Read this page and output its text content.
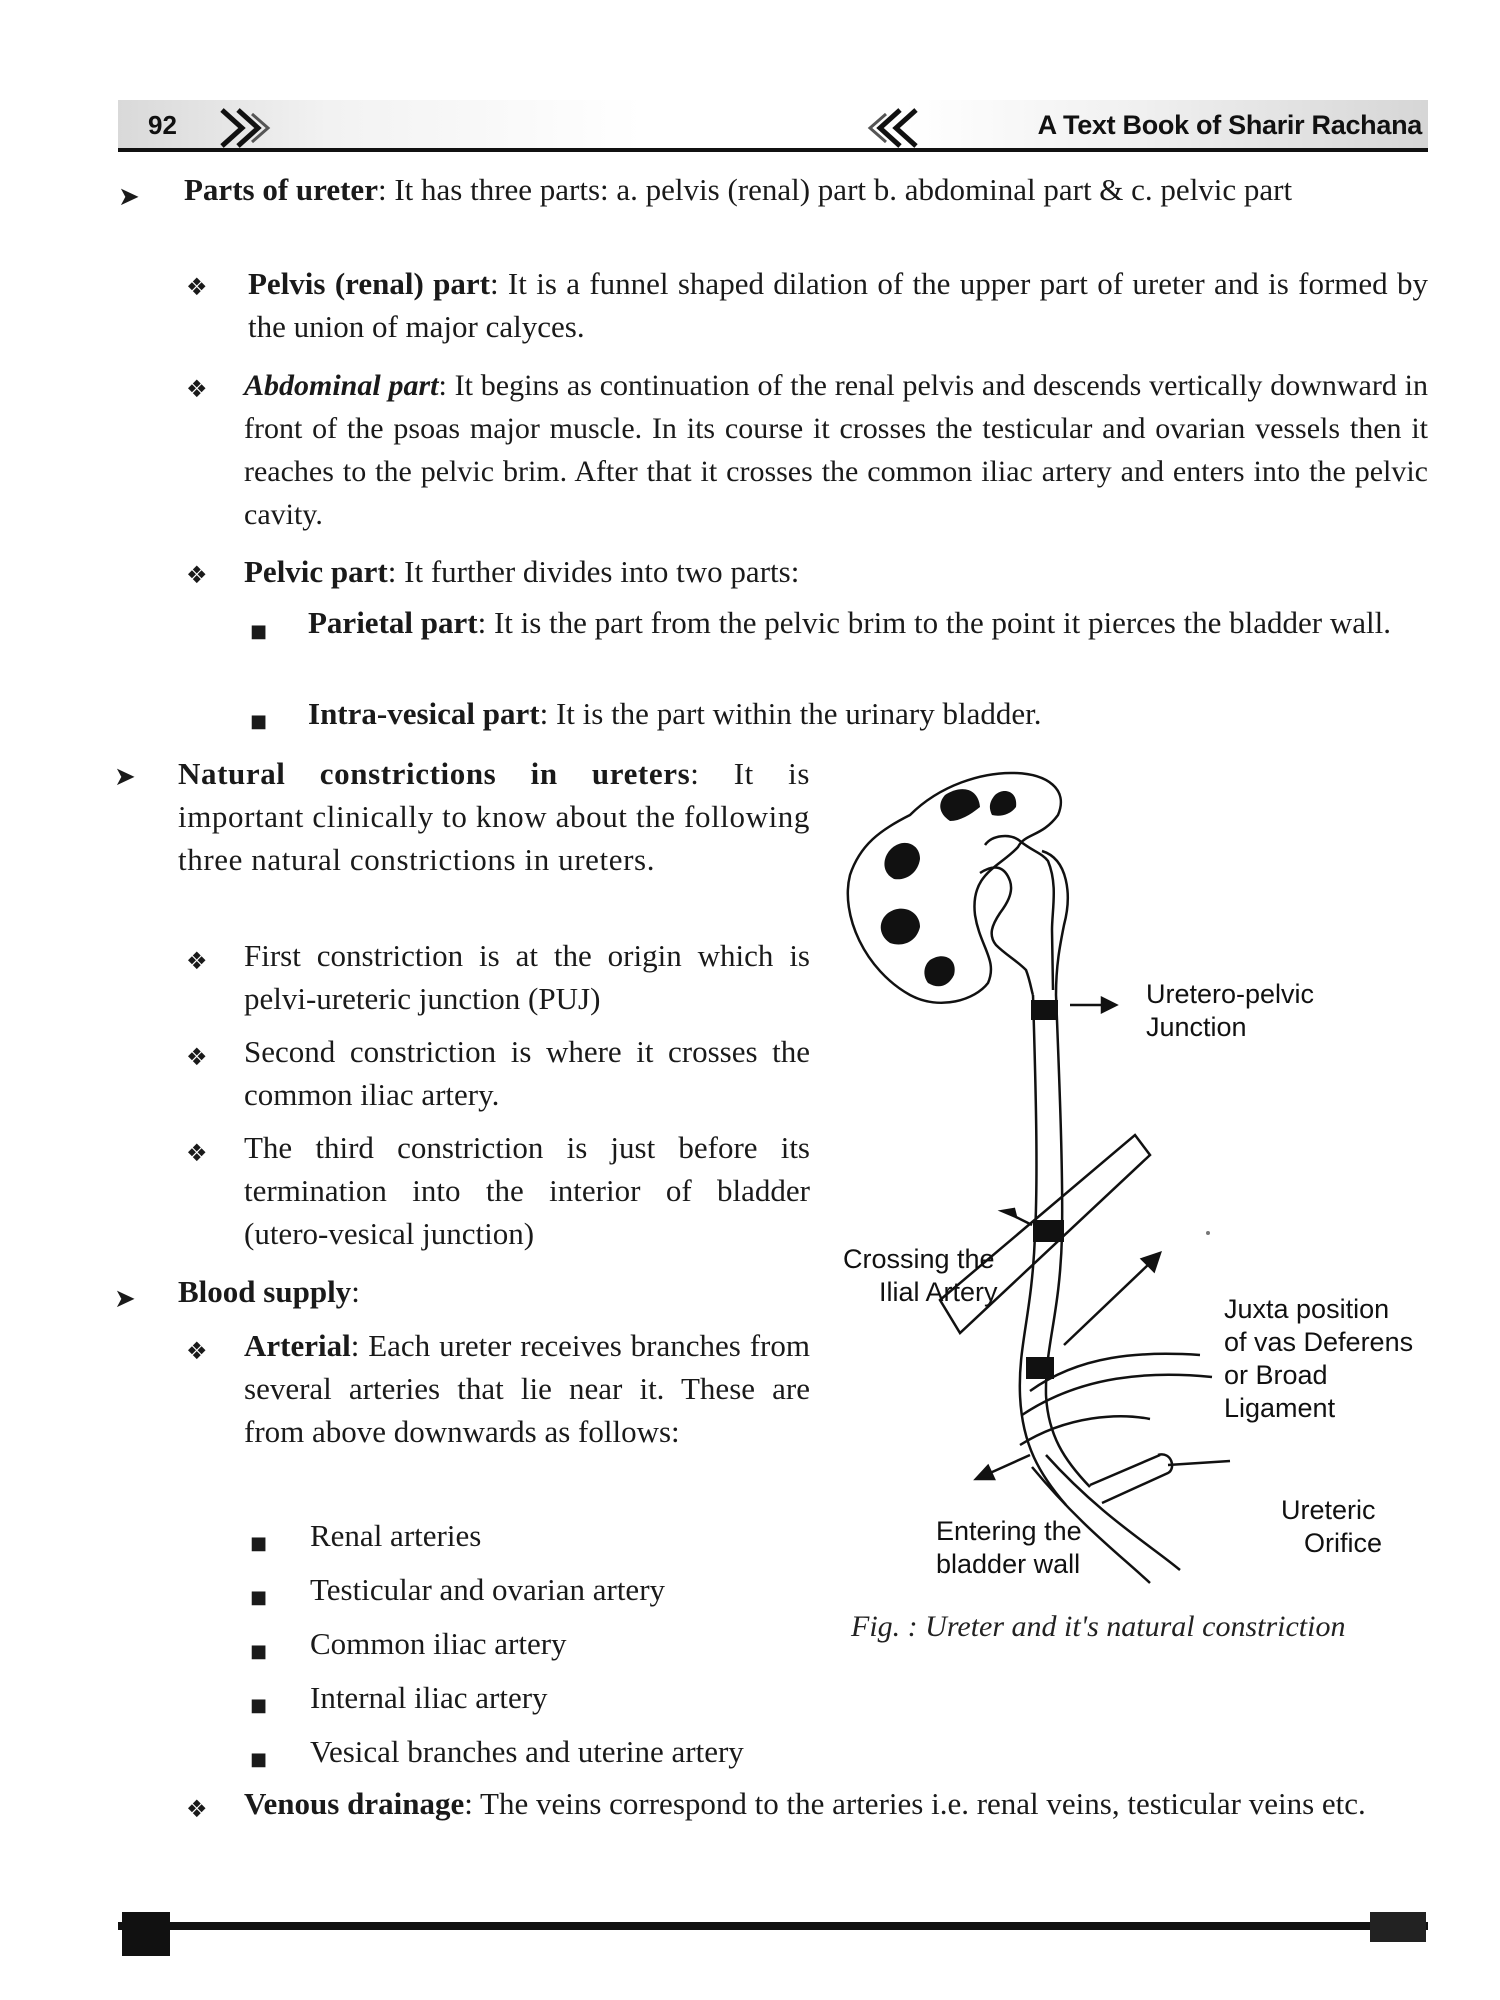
92	A Text Book of Sharir Rachana
➤ Parts of ureter: It has three parts: a. pelvis (renal) part b. abdominal part & c. pelvic part
❖ Pelvis (renal) part: It is a funnel shaped dilation of the upper part of ureter and is formed by the union of major calyces.
❖ Abdominal part: It begins as continuation of the renal pelvis and descends vertically downward in front of the psoas major muscle. In its course it crosses the testicular and ovarian vessels then it reaches to the pelvic brim. After that it crosses the common iliac artery and enters into the pelvic cavity.
❖ Pelvic part: It further divides into two parts:
■ Parietal part: It is the part from the pelvic brim to the point it pierces the bladder wall.
■ Intra-vesical part: It is the part within the urinary bladder.
➤ Natural constrictions in ureters: It is important clinically to know about the following three natural constrictions in ureters.
❖ First constriction is at the origin which is pelvi-ureteric junction (PUJ)
❖ Second constriction is where it crosses the common iliac artery.
❖ The third constriction is just before its termination into the interior of bladder (utero-vesical junction)
➤ Blood supply:
❖ Arterial: Each ureter receives branches from several arteries that lie near it. These are from above downwards as follows:
■ Renal arteries
■ Testicular and ovarian artery
■ Common iliac artery
■ Internal iliac artery
■ Vesical branches and uterine artery
❖ Venous drainage: The veins correspond to the arteries i.e. renal veins, testicular veins etc.
Uretero-pelvic
Junction
Crossing the
Ilial Artery
Juxta position
of vas Deferens
or Broad
Ligament
Ureteric
Orifice
Entering the
bladder wall
Fig. : Ureter and it's natural constriction
